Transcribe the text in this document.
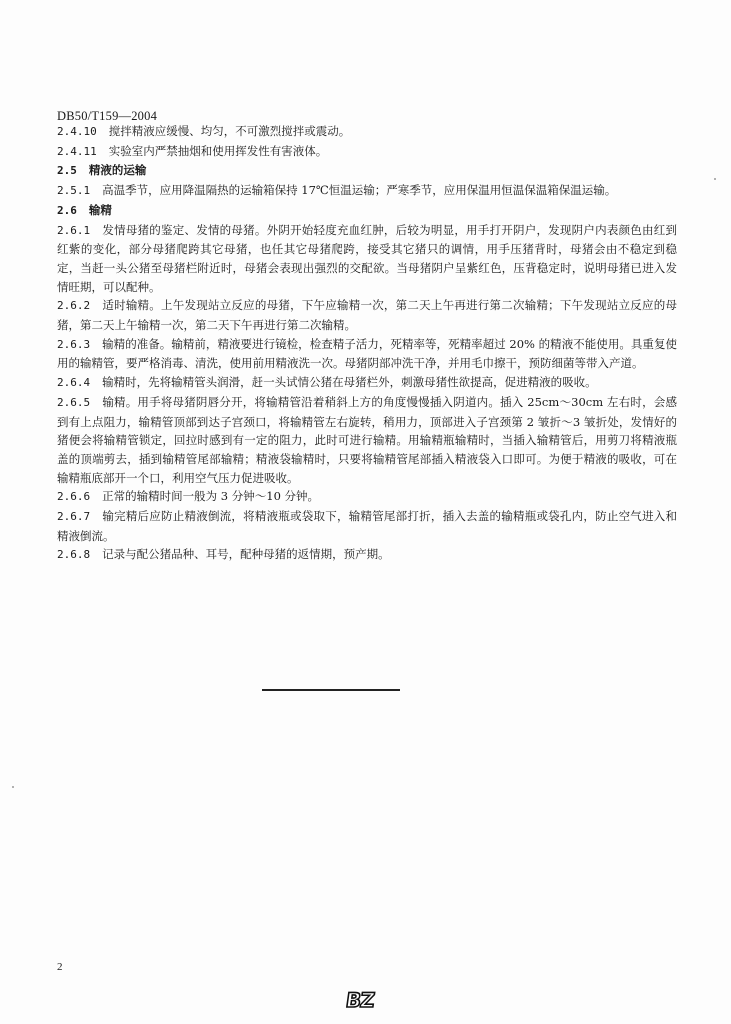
DB50/T159—2004

2.4.10 搅拌精液应缓慢、均匀，不可激烈搅拌或震动。

2.4.11 实验室内严禁抽烟和使用挥发性有害液体。

2.5 精液的运输

2.5.1 高温季节，应用降温隔热的运输箱保持 17℃恒温运输；严寒季节，应用保温用恒温保温箱保温运输。

2.6 输精

2.6.1 发情母猪的鉴定、发情的母猪。外阴开始轻度充血红肿，后较为明显，用手打开阴户，发现阴户内表颜色由红到红紫的变化，部分母猪爬跨其它母猪，也任其它母猪爬跨，接受其它猪只的调情，用手压猪背时，母猪会由不稳定到稳定，当赶一头公猪至母猪栏附近时，母猪会表现出强烈的交配欲。当母猪阴户呈紫红色，压背稳定时，说明母猪已进入发情旺期，可以配种。

2.6.2 适时输精。上午发现站立反应的母猪，下午应输精一次，第二天上午再进行第二次输精；下午发现站立反应的母猪，第二天上午输精一次，第二天下午再进行第二次输精。

2.6.3 输精的准备。输精前，精液要进行镜检，检查精子活力，死精率等，死精率超过 20% 的精液不能使用。具重复使用的输精管，要严格消毒、清洗，使用前用精液洗一次。母猪阴部冲洗干净，并用毛巾擦干，预防细菌等带入产道。

2.6.4 输精时，先将输精管头润滑，赶一头试情公猪在母猪栏外，刺激母猪性欲提高，促进精液的吸收。

2.6.5 输精。用手将母猪阴唇分开，将输精管沿着稍斜上方的角度慢慢插入阴道内。插入 25cm～30cm 左右时，会感到有上点阻力，输精管顶部到达子宫颈口，将输精管左右旋转，稍用力，顶部进入子宫颈第 2 皱折～3 皱折处，发情好的猪便会将输精管锁定，回拉时感到有一定的阻力，此时可进行输精。用输精瓶输精时，当插入输精管后，用剪刀将精液瓶盖的顶端剪去，插到输精管尾部输精；精液袋输精时，只要将输精管尾部插入精液袋入口即可。为便于精液的吸收，可在输精瓶底部开一个口，利用空气压力促进吸收。

2.6.6 正常的输精时间一般为 3 分钟～10 分钟。

2.6.7 输完精后应防止精液倒流，将精液瓶或袋取下，输精管尾部打折，插入去盖的输精瓶或袋孔内，防止空气进入和精液倒流。

2.6.8 记录与配公猪品种、耳号，配种母猪的返情期，预产期。

2
BZ
